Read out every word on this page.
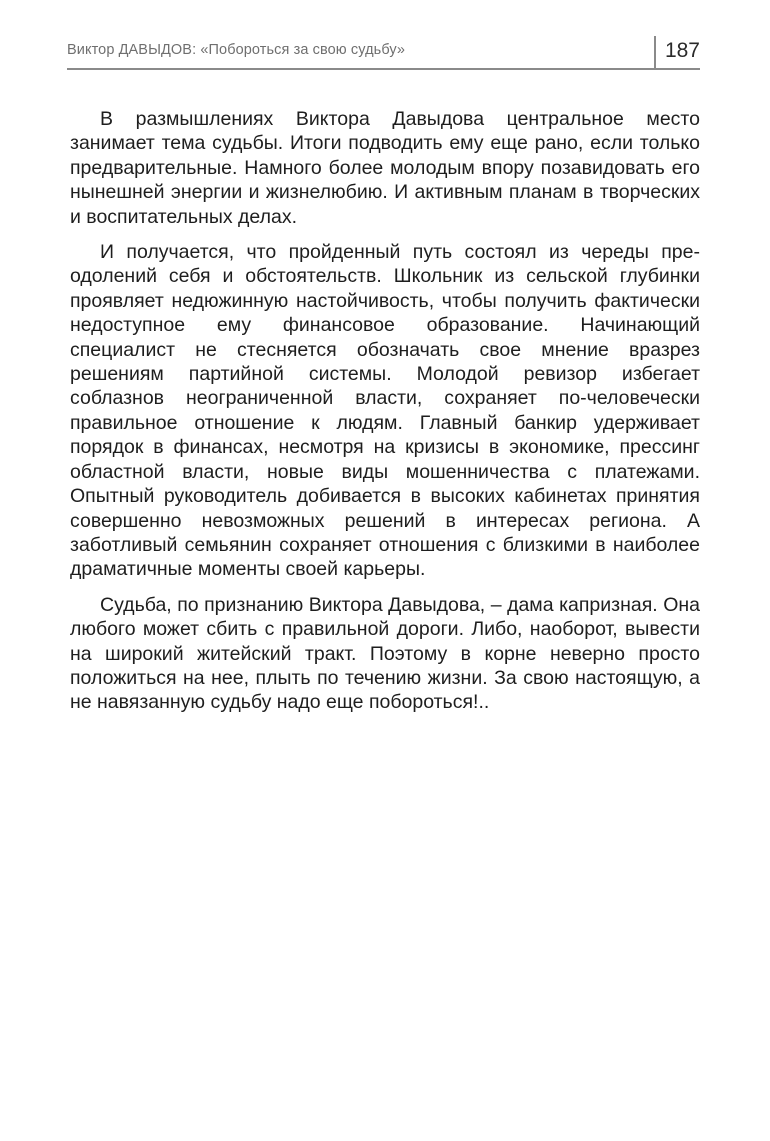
Виктор ДАВЫДОВ: «Побороться за свою судьбу»	187

В размышлениях Виктора Давыдова центральное место занимает тема судьбы. Итоги подводить ему еще рано, если только предварительные. Намного более молодым впору позавидовать его нынешней энергии и жизнелюбию. И активным планам в творческих и воспитательных делах.

И получается, что пройденный путь состоял из череды преодолений себя и обстоятельств. Школьник из сельской глубинки проявляет недюжинную настойчивость, чтобы получить фактически недоступное ему финансовое образование. Начинающий специалист не стесняется обозначать свое мнение вразрез решениям партийной системы. Молодой ревизор избегает соблазнов неограниченной власти, сохраняет по-человечески правильное отношение к людям. Главный банкир удерживает порядок в финансах, несмотря на кризисы в экономике, прессинг областной власти, новые виды мошенничества с платежами. Опытный руководитель добивается в высоких кабинетах принятия совершенно невозможных решений в интересах региона. А заботливый семьянин сохраняет отношения с близкими в наиболее драматичные моменты своей карьеры.

Судьба, по признанию Виктора Давыдова, – дама капризная. Она любого может сбить с правильной дороги. Либо, наоборот, вывести на широкий житейский тракт. Поэтому в корне неверно просто положиться на нее, плыть по течению жизни. За свою настоящую, а не навязанную судьбу надо еще побороться!..
